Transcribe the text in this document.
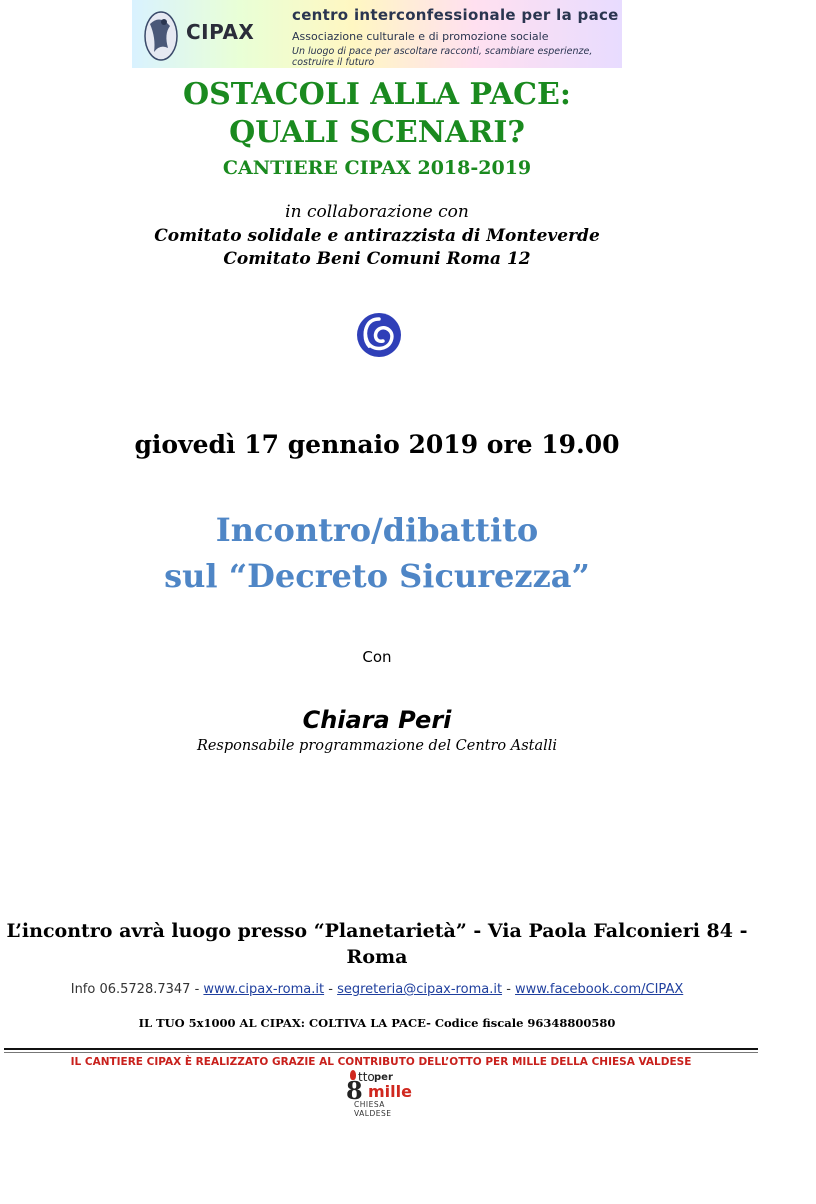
CIPAX
centro interconfessionale per la pace
Associazione culturale e di promozione sociale
Un luogo di pace per ascoltare racconti, scambiare esperienze, costruire il futuro
OSTACOLI ALLA PACE:
QUALI SCENARI?
CANTIERE CIPAX 2018-2019
in collaborazione con
Comitato solidale e antirazzista di Monteverde
Comitato Beni Comuni Roma 12
giovedì 17 gennaio 2019 ore 19.00
Incontro/dibattito
sul “Decreto Sicurezza”
Con
Chiara Peri
Responsabile programmazione del Centro Astalli
L’incontro avrà luogo presso “Planetarietà” - Via Paola Falconieri 84 -
Roma
Info 06.5728.7347 - www.cipax-roma.it - segreteria@cipax-roma.it - www.facebook.com/CIPAX
IL TUO 5x1000 AL CIPAX: COLTIVA LA PACE- Codice fiscale 96348800580
IL CANTIERE CIPAX È REALIZZATO GRAZIE AL CONTRIBUTO DELL’OTTO PER MILLE DELLA CHIESA VALDESE
8
tto per
mille
CHIESA VALDESE
